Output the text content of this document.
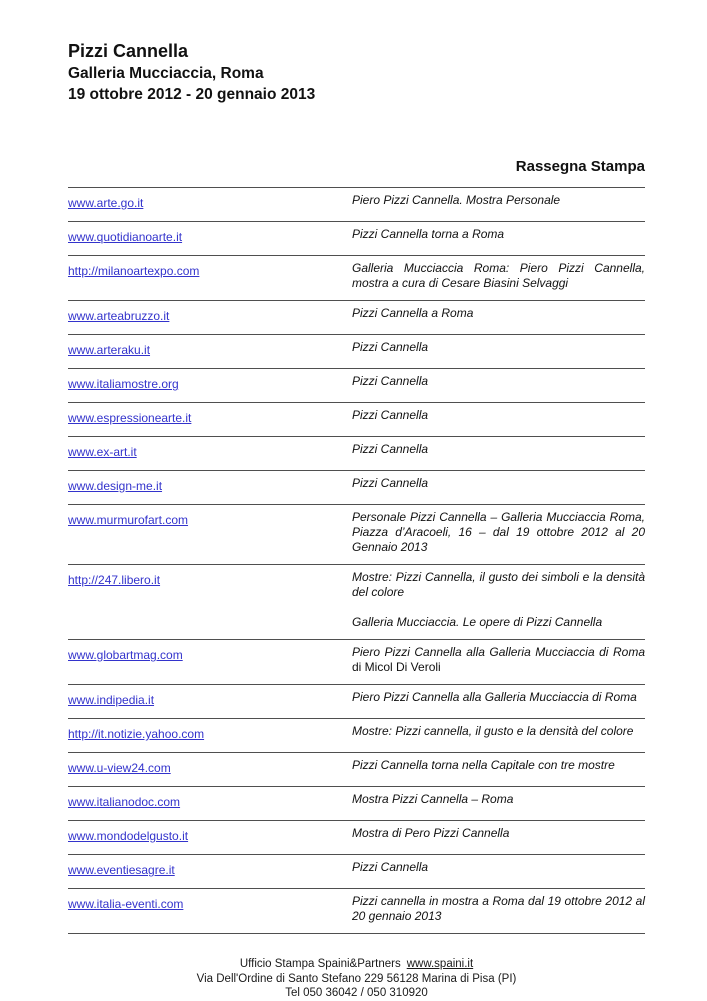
Pizzi Cannella
Galleria Mucciaccia, Roma
19 ottobre 2012 - 20 gennaio 2013
Rassegna Stampa
www.arte.go.it	Piero Pizzi Cannella. Mostra Personale
www.quotidianoarte.it	Pizzi Cannella torna a Roma
http://milanoartexpo.com	Galleria Mucciaccia Roma: Piero Pizzi Cannella, mostra a cura di Cesare Biasini Selvaggi
www.arteabruzzo.it	Pizzi Cannella a Roma
www.arteraku.it	Pizzi Cannella
www.italiamostre.org	Pizzi Cannella
www.espressionearte.it	Pizzi Cannella
www.ex-art.it	Pizzi Cannella
www.design-me.it	Pizzi Cannella
www.murmurofart.com	Personale Pizzi Cannella – Galleria Mucciaccia Roma, Piazza d’Aracoeli, 16 – dal 19 ottobre 2012 al 20 Gennaio 2013
http://247.libero.it	Mostre: Pizzi Cannella, il gusto dei simboli e la densità del colore
Galleria Mucciaccia. Le opere di Pizzi Cannella
www.globartmag.com	Piero Pizzi Cannella alla Galleria Mucciaccia di Roma di Micol Di Veroli
www.indipedia.it	Piero Pizzi Cannella alla Galleria Mucciaccia di Roma
http://it.notizie.yahoo.com	Mostre: Pizzi cannella, il gusto e la densità del colore
www.u-view24.com	Pizzi Cannella torna nella Capitale con tre mostre
www.italianodoc.com	Mostra Pizzi Cannella – Roma
www.mondodelgusto.it	Mostra di Pero Pizzi Cannella
www.eventiesagre.it	Pizzi Cannella
www.italia-eventi.com	Pizzi cannella in mostra a Roma dal 19 ottobre 2012 al 20 gennaio 2013
Ufficio Stampa Spaini&Partners www.spaini.it
Via Dell'Ordine di Santo Stefano 229 56128 Marina di Pisa (PI)
Tel 050 36042 / 050 310920
